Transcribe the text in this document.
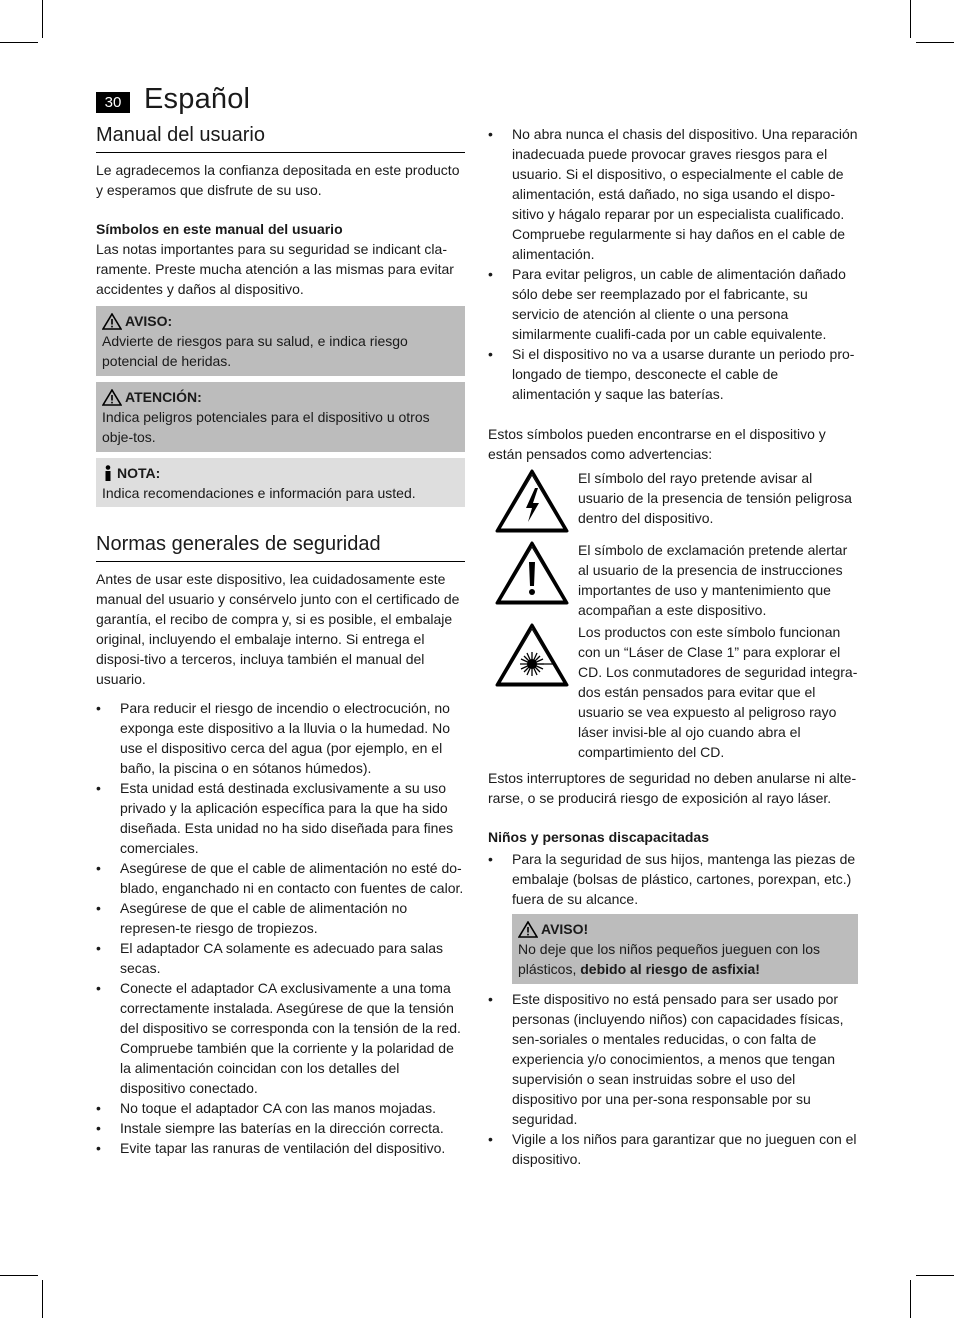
30 Español
Manual del usuario

Le agradecemos la confianza depositada en este producto y esperamos que disfrute de su uso.

Símbolos en este manual del usuario

Las notas importantes para su seguridad se indicant cla-ramente. Preste mucha atención a las mismas para evitar accidentes y daños al dispositivo.

AVISO:
Advierte de riesgos para su salud, e indica riesgo potencial de heridas.
ATENCIÓN:
Indica peligros potenciales para el dispositivo u otros obje-tos.
NOTA:
Indica recomendaciones e información para usted.
Normas generales de seguridad

Antes de usar este dispositivo, lea cuidadosamente este manual del usuario y consérvelo junto con el certificado de garantía, el recibo de compra y, si es posible, el embalaje original, incluyendo el embalaje interno. Si entrega el disposi-tivo a terceros, incluya también el manual del usuario.

• Para reducir el riesgo de incendio o electrocución, no exponga este dispositivo a la lluvia o la humedad. No use el dispositivo cerca del agua (por ejemplo, en el baño, la piscina o en sótanos húmedos).
• Esta unidad está destinada exclusivamente a su uso privado y la aplicación específica para la que ha sido diseñada. Esta unidad no ha sido diseñada para fines comerciales.
• Asegúrese de que el cable de alimentación no esté do-blado, enganchado ni en contacto con fuentes de calor.
• Asegúrese de que el cable de alimentación no represen-te riesgo de tropiezos.
• El adaptador CA solamente es adecuado para salas secas.
• Conecte el adaptador CA exclusivamente a una toma correctamente instalada. Asegúrese de que la tensión del dispositivo se corresponda con la tensión de la red. Compruebe también que la corriente y la polaridad de la alimentación coincidan con los detalles del dispositivo conectado.
• No toque el adaptador CA con las manos mojadas.
• Instale siempre las baterías en la dirección correcta.
• Evite tapar las ranuras de ventilación del dispositivo.
• No abra nunca el chasis del dispositivo. Una reparación inadecuada puede provocar graves riesgos para el usuario. Si el dispositivo, o especialmente el cable de alimentación, está dañado, no siga usando el dispo-sitivo y hágalo reparar por un especialista cualificado. Compruebe regularmente si hay daños en el cable de alimentación.
• Para evitar peligros, un cable de alimentación dañado sólo debe ser reemplazado por el fabricante, su servicio de atención al cliente o una persona similarmente cualifi-cada por un cable equivalente.
• Si el dispositivo no va a usarse durante un periodo pro-longado de tiempo, desconecte el cable de alimentación y saque las baterías.

Estos símbolos pueden encontrarse en el dispositivo y están pensados como advertencias:

El símbolo del rayo pretende avisar al usuario de la presencia de tensión peligrosa dentro del dispositivo.

El símbolo de exclamación pretende alertar al usuario de la presencia de instrucciones importantes de uso y mantenimiento que acompañan a este dispositivo.

Los productos con este símbolo funcionan con un “Láser de Clase 1” para explorar el CD. Los conmutadores de seguridad integra-dos están pensados para evitar que el usuario se vea expuesto al peligroso rayo láser invisi-ble al ojo cuando abra el compartimiento del CD.

Estos interruptores de seguridad no deben anularse ni alte-rarse, o se producirá riesgo de exposición al rayo láser.

Niños y personas discapacitadas
• Para la seguridad de sus hijos, mantenga las piezas de embalaje (bolsas de plástico, cartones, porexpan, etc.) fuera de su alcance.
AVISO!
No deje que los niños pequeños jueguen con los plásticos, debido al riesgo de asfixia!
• Este dispositivo no está pensado para ser usado por personas (incluyendo niños) con capacidades físicas, sen-soriales o mentales reducidas, o con falta de experiencia y/o conocimientos, a menos que tengan supervisión o sean instruidas sobre el uso del dispositivo por una per-sona responsable por su seguridad.
• Vigile a los niños para garantizar que no jueguen con el dispositivo.
